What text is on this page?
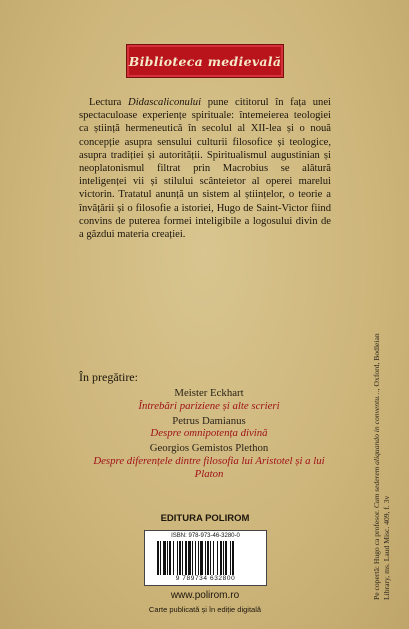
Biblioteca medievală
Lectura Didascaliconului pune cititorul în fața unei spectaculoase experiențe spirituale: întemeierea teologiei ca știință hermeneutică în secolul al XII-lea și o nouă concepție asupra sensului culturii filosofice și teologice, asupra tradiției și autorității. Spiritualismul augustinian și neoplatonismul filtrat prin Macrobius se alătură inteligenței vii și stilului scânteietor al operei marelui victorin. Tratatul anunță un sistem al științelor, o teorie a învățării și o filosofie a istoriei, Hugo de Saint-Victor fiind convins de puterea formei inteligibile a logosului divin de a găzdui materia creației.
În pregătire:
Meister Eckhart
Întrebări pariziene și alte scrieri
Petrus Damianus
Despre omnipotența divină
Georgios Gemistos Plethon
Despre diferențele dintre filosofia lui Aristotel și a lui Platon
Pe copertă: Hugo ca profesor. Cum sederem aliquando in conventu…, Oxford, Bodleian Library, ms. Laud Misc. 409, f. 3v
EDITURA POLIROM
ISBN: 978-973-46-3280-0
9 789734 632800
www.polirom.ro
Carte publicată și în ediție digitală
